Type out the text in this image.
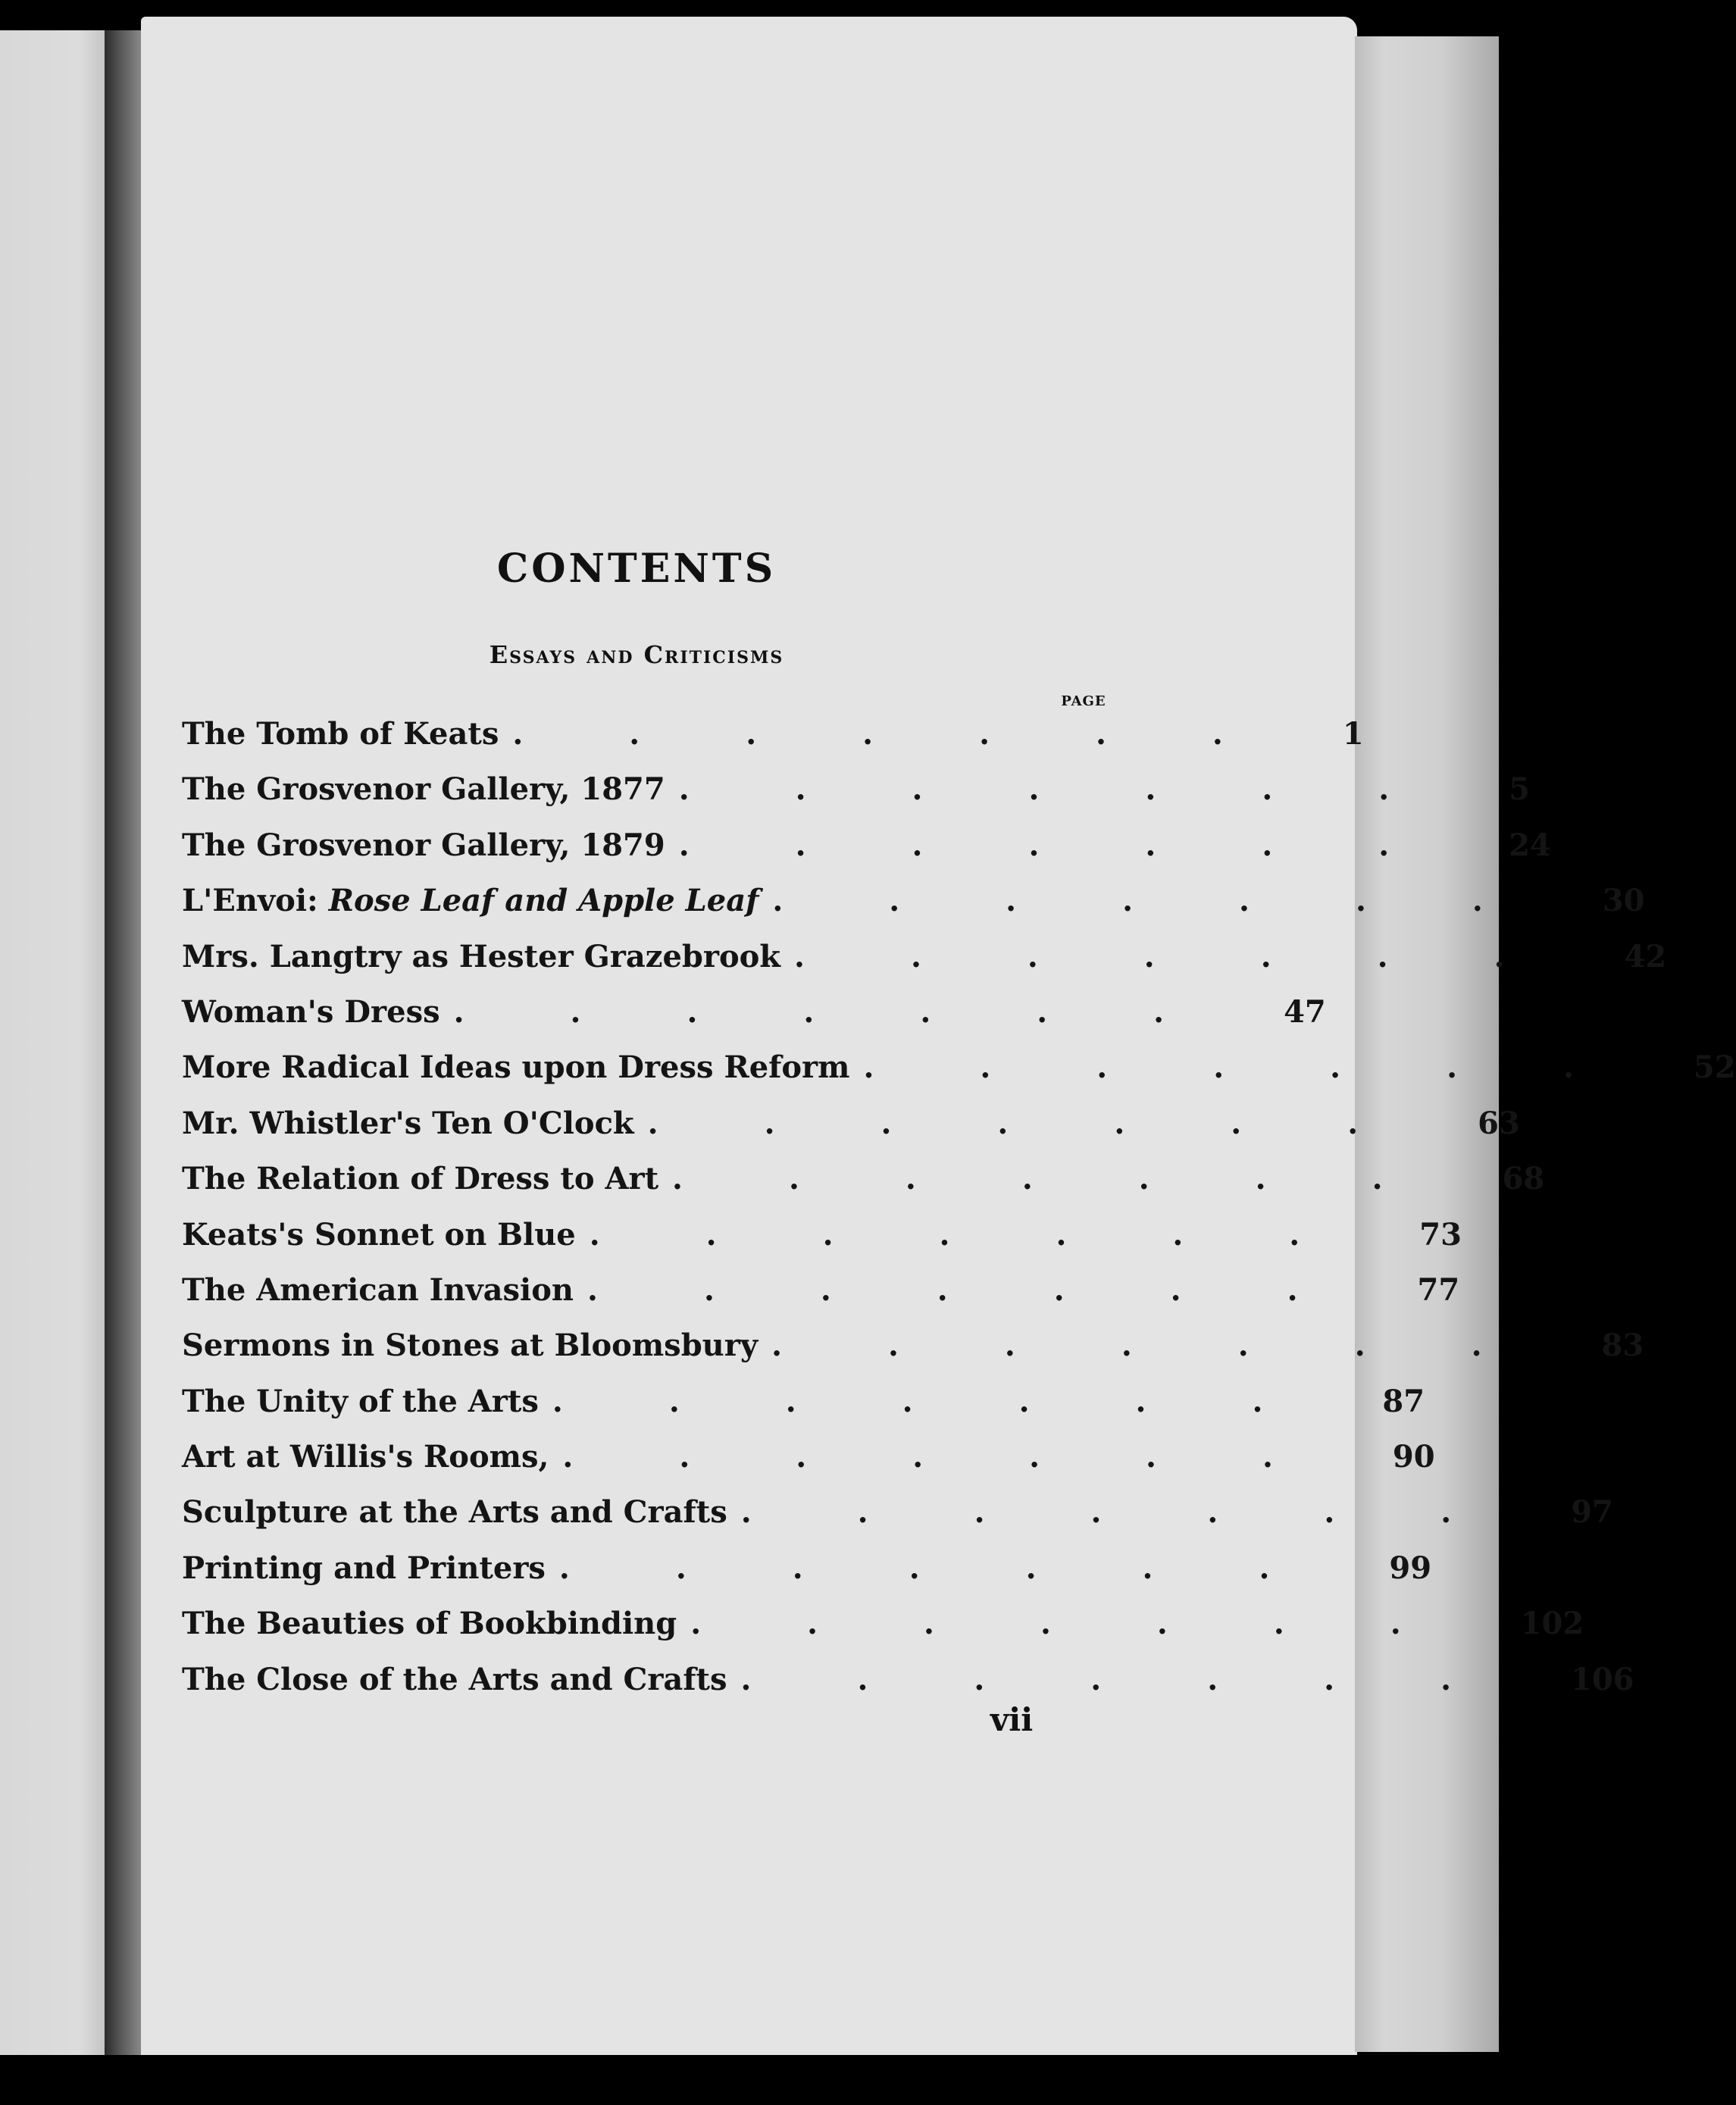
CONTENTS
Essays and Criticisms
PAGE
The Tomb of Keats ....... 1
The Grosvenor Gallery, 1877 ....... 5
The Grosvenor Gallery, 1879 ....... 24
L'Envoi: Rose Leaf and Apple Leaf ....... 30
Mrs. Langtry as Hester Grazebrook ....... 42
Woman's Dress ....... 47
More Radical Ideas upon Dress Reform ....... 52
Mr. Whistler's Ten O'Clock ....... 63
The Relation of Dress to Art ....... 68
Keats's Sonnet on Blue ....... 73
The American Invasion ....... 77
Sermons in Stones at Bloomsbury ....... 83
The Unity of the Arts ....... 87
Art at Willis's Rooms, ....... 90
Sculpture at the Arts and Crafts ....... 97
Printing and Printers ....... 99
The Beauties of Bookbinding ....... 102
The Close of the Arts and Crafts ....... 106
vii
